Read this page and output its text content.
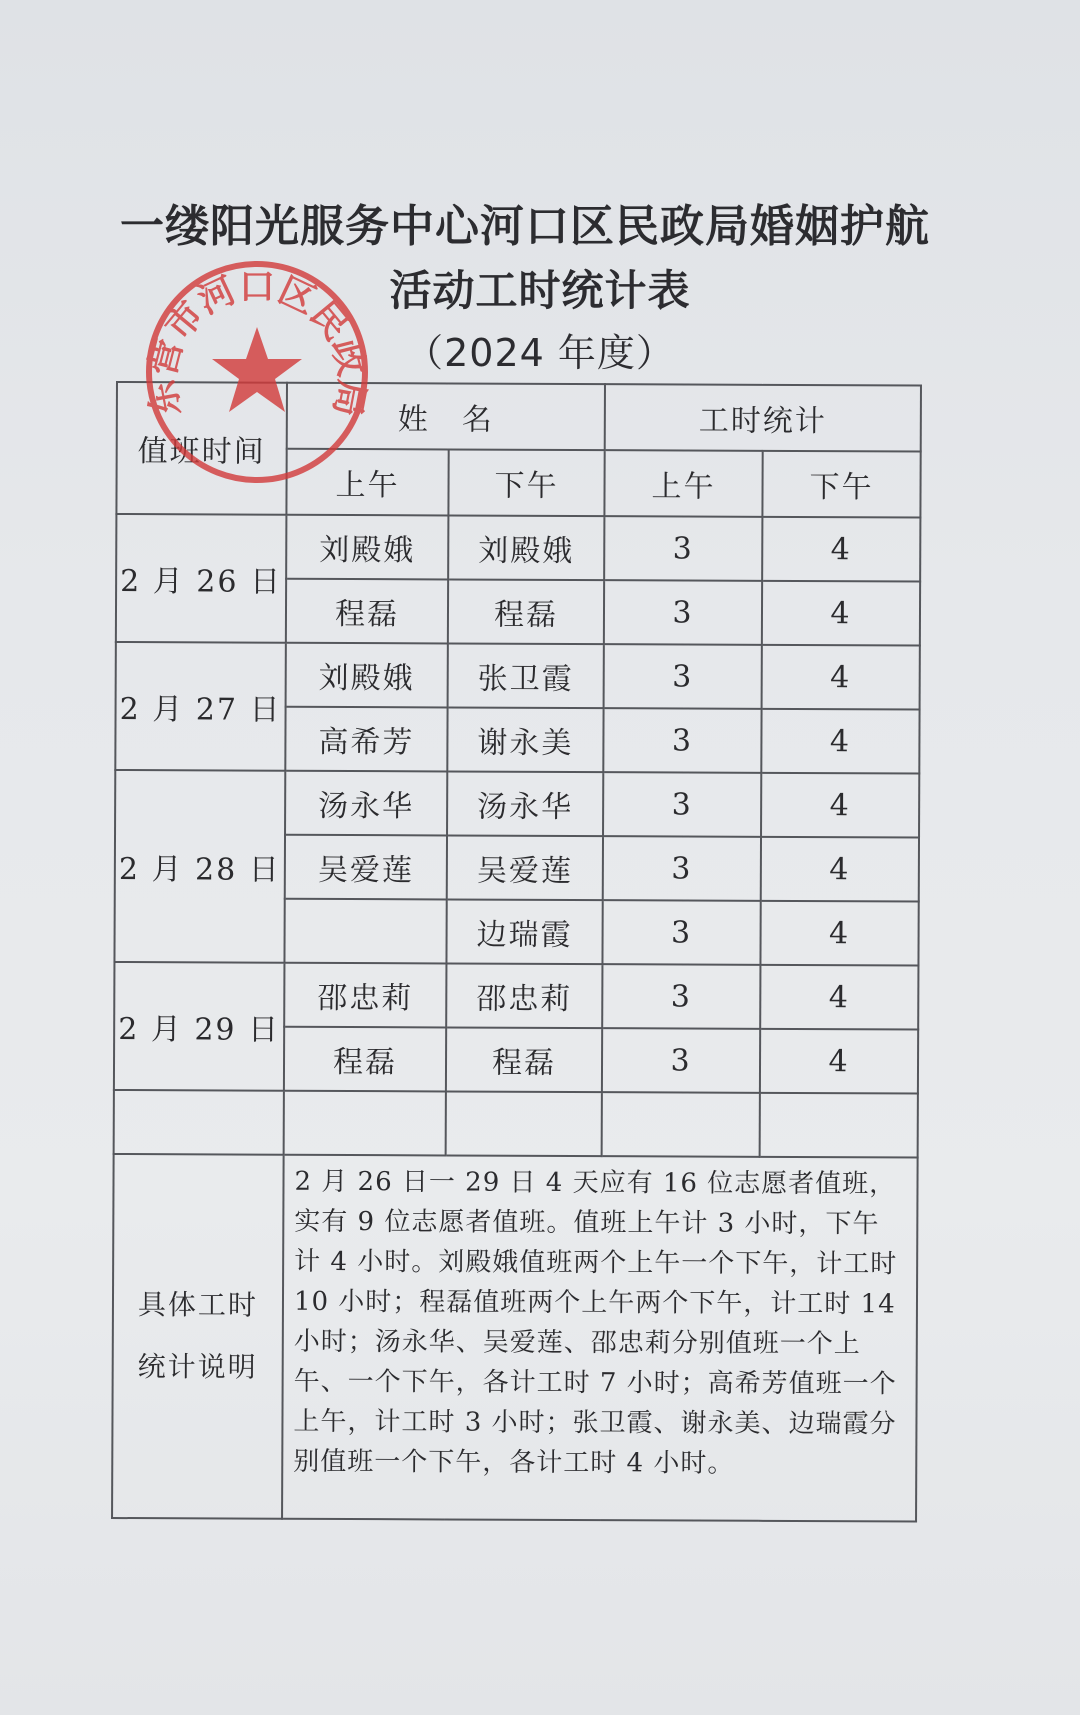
一缕阳光服务中心河口区民政局婚姻护航
活动工时统计表
（2024 年度）
值班时间	姓　名		工时统计	
	上午	下午	上午	下午
2 月 26 日	刘殿娥	刘殿娥	3	4
	程磊	程磊	3	4
2 月 27 日	刘殿娥	张卫霞	3	4
	高希芳	谢永美	3	4
2 月 28 日	汤永华	汤永华	3	4
	吴爱莲	吴爱莲	3	4
		边瑞霞	3	4
2 月 29 日	邵忠莉	邵忠莉	3	4
	程磊	程磊	3	4

具体工时
统计说明	2 月 26 日一 29 日 4 天应有 16 位志愿者值班，实有 9 位志愿者值班。值班上午计 3 小时，下午计 4 小时。刘殿娥值班两个上午一个下午，计工时 10 小时；程磊值班两个上午两个下午，计工时 14 小时；汤永华、吴爱莲、邵忠莉分别值班一个上午、一个下午，各计工时 7 小时；高希芳值班一个上午，计工时 3 小时；张卫霞、谢永美、边瑞霞分别值班一个下午，各计工时 4 小时。			
东营市河口区民政局
